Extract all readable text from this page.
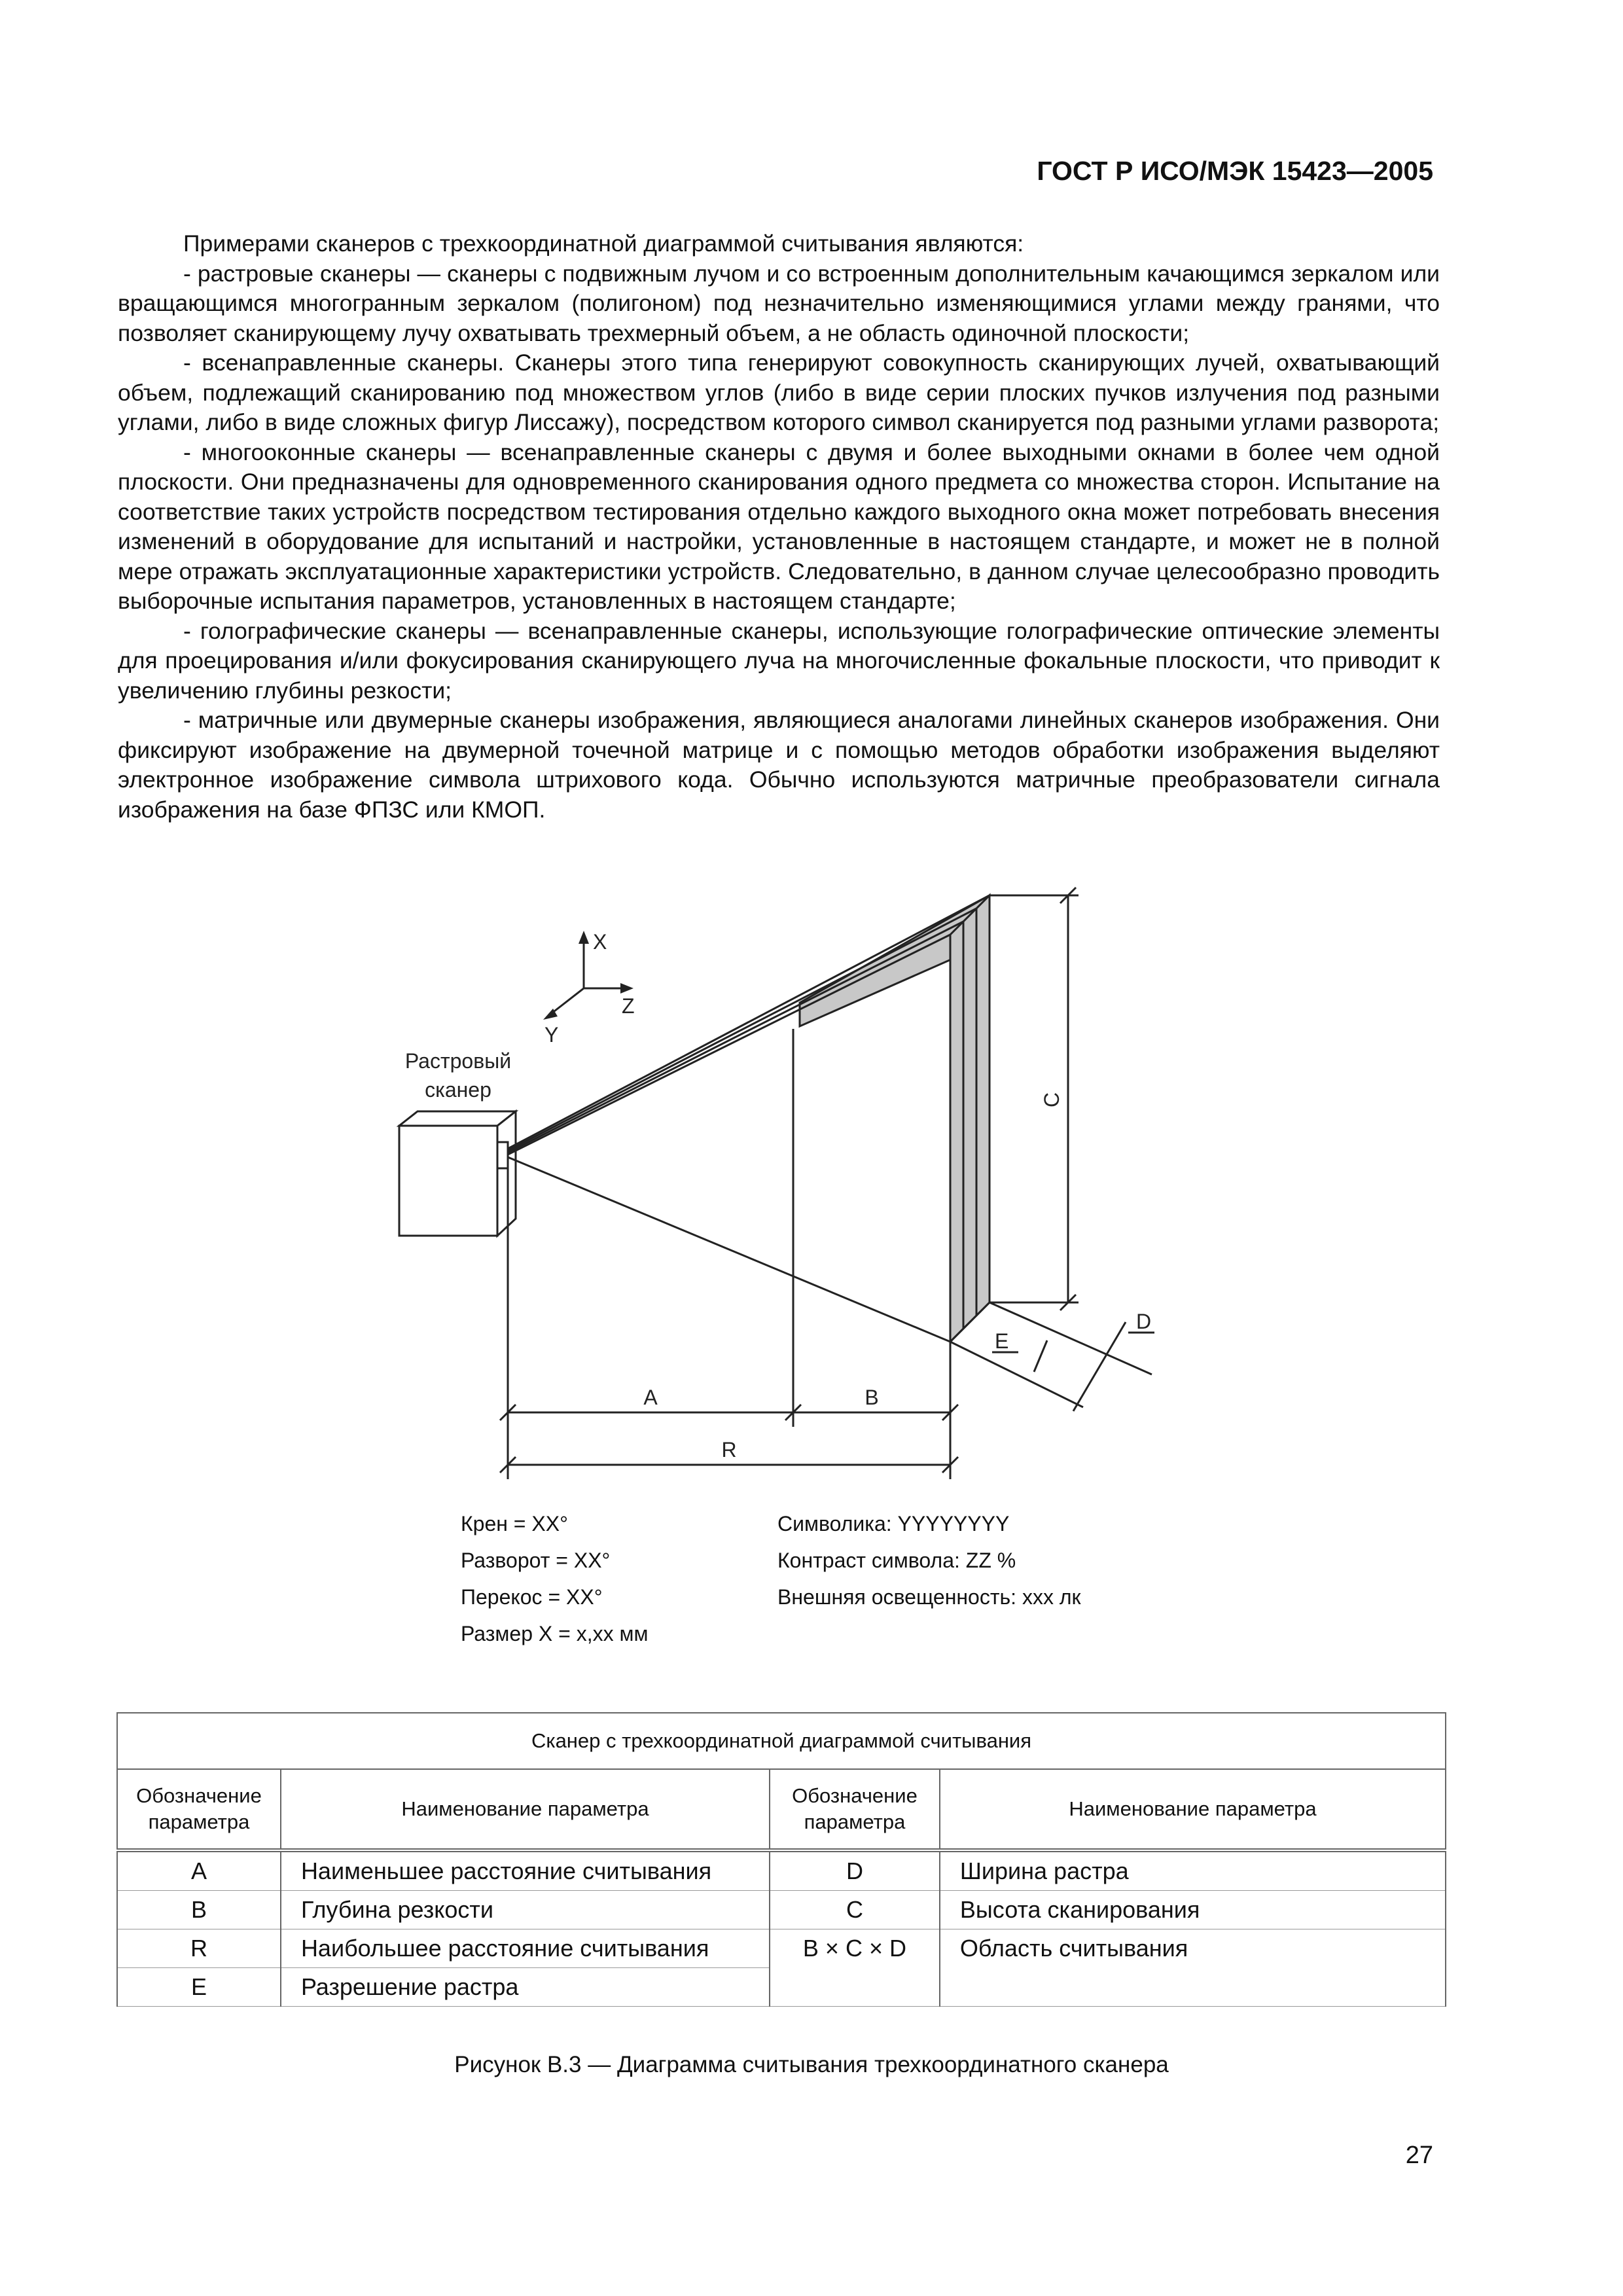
ГОСТ Р ИСО/МЭК 15423—2005

Примерами сканеров с трехкоординатной диаграммой считывания являются:

- растровые сканеры — сканеры с подвижным лучом и со встроенным дополнительным качающимся зеркалом или вращающимся многогранным зеркалом (полигоном) под незначительно изменяющимися углами между гранями, что позволяет сканирующему лучу охватывать трехмерный объем, а не область одиночной плоскости;

- всенаправленные сканеры. Сканеры этого типа генерируют совокупность сканирующих лучей, охватывающий объем, подлежащий сканированию под множеством углов (либо в виде серии плоских пучков излучения под разными углами, либо в виде сложных фигур Лиссажу), посредством которого символ сканируется под разными углами разворота;

- многооконные сканеры — всенаправленные сканеры с двумя и более выходными окнами в более чем одной плоскости. Они предназначены для одновременного сканирования одного предмета со множества сторон. Испытание на соответствие таких устройств посредством тестирования отдельно каждого выходного окна может потребовать внесения изменений в оборудование для испытаний и настройки, установленные в настоящем стандарте, и может не в полной мере отражать эксплуатационные характеристики устройств. Следовательно, в данном случае целесообразно проводить выборочные испытания параметров, установленных в настоящем стандарте;

- голографические сканеры — всенаправленные сканеры, использующие голографические оптические элементы для проецирования и/или фокусирования сканирующего луча на многочисленные фокальные плоскости, что приводит к увеличению глубины резкости;

- матричные или двумерные сканеры изображения, являющиеся аналогами линейных сканеров изображения. Они фиксируют изображение на двумерной точечной матрице и с помощью методов обработки изображения выделяют электронное изображение символа штрихового кода. Обычно используются матричные преобразователи сигнала изображения на базе ФПЗС или КМОП.

X
Z
Y
Растровый
сканер	C
E
D
A	B
R
Крен = XX°
Разворот = XX°
Перекос = XX°
Размер X = x,xx мм
Символика: YYYYYYYY
Контраст символа: ZZ %
Внешняя освещенность: xxx лк
Сканер с трехкоординатной диаграммой считывания			
Обозначение параметра	Наименование параметра	Обозначение параметра	Наименование параметра
A	Наименьшее расстояние считывания	D	Ширина растра
B	Глубина резкости	C	Высота сканирования
R	Наибольшее расстояние считывания	B × C × D	Область считывания
E	Разрешение растра		
Рисунок В.3 — Диаграмма считывания трехкоординатного сканера
27
